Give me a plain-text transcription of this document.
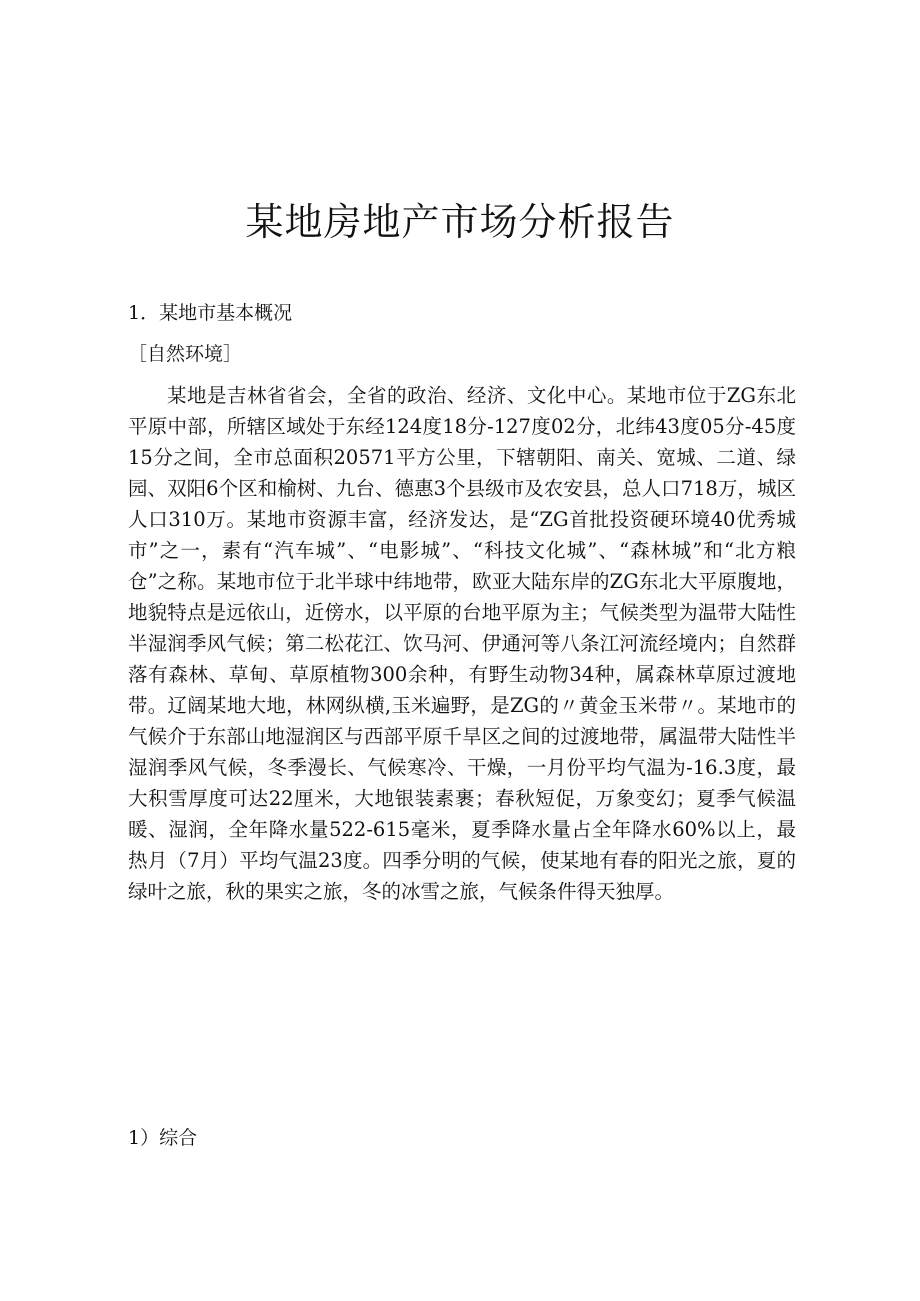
某地房地产市场分析报告

1．某地市基本概况

［自然环境］

某地是吉林省省会，全省的政治、经济、文化中心。某地市位于ZG东北平原中部，所辖区域处于东经124度18分-127度02分，北纬43度05分-45度15分之间，全市总面积20571平方公里，下辖朝阳、南关、宽城、二道、绿园、双阳6个区和榆树、九台、德惠3个县级市及农安县，总人口718万，城区人口310万。某地市资源丰富，经济发达，是“ZG首批投资硬环境40优秀城市”之一，素有“汽车城”、“电影城”、“科技文化城”、“森林城”和“北方粮仓”之称。某地市位于北半球中纬地带，欧亚大陆东岸的ZG东北大平原腹地，地貌特点是远依山，近傍水，以平原的台地平原为主；气候类型为温带大陆性半湿润季风气候；第二松花江、饮马河、伊通河等八条江河流经境内；自然群落有森林、草甸、草原植物300余种，有野生动物34种，属森林草原过渡地带。辽阔某地大地，林网纵横,玉米遍野，是ZG的〃黄金玉米带〃。某地市的气候介于东部山地湿润区与西部平原千旱区之间的过渡地带，属温带大陆性半湿润季风气候，冬季漫长、气候寒冷、干燥，一月份平均气温为-16.3度，最大积雪厚度可达22厘米，大地银装素裹；春秋短促，万象变幻；夏季气候温暖、湿润，全年降水量522-615毫米，夏季降水量占全年降水60%以上，最热月（7月）平均气温23度。四季分明的气候，使某地有春的阳光之旅，夏的绿叶之旅，秋的果实之旅，冬的冰雪之旅，气候条件得天独厚。

1）综合
